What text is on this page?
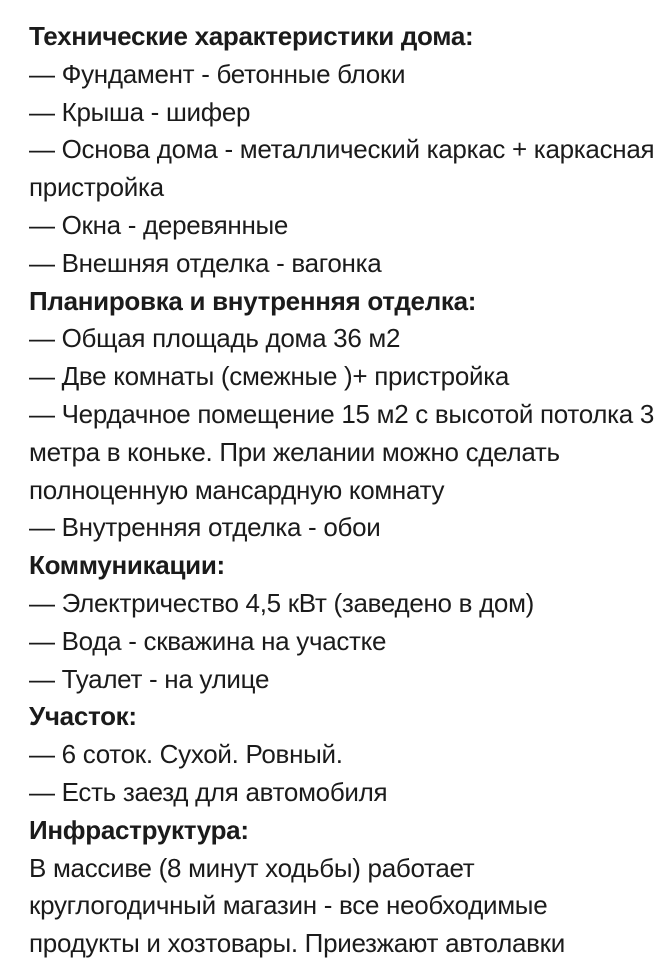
Технические характеристики дома:

— Фундамент - бетонные блоки
— Крыша - шифер
— Основа дома - металлический каркас + каркасная пристройка
— Окна - деревянные
— Внешняя отделка - вагонка

Планировка и внутренняя отделка:

— Общая площадь дома 36 м2
— Две комнаты (смежные )+ пристройка
— Чердачное помещение 15 м2 с высотой потолка 3 метра в коньке. При желании можно сделать полноценную мансардную комнату
— Внутренняя отделка - обои

Коммуникации:

— Электричество 4,5 кВт (заведено в дом)
— Вода - скважина на участке
— Туалет - на улице

Участок:

— 6 соток. Сухой. Ровный.
— Есть заезд для автомобиля

Инфраструктура:

В массиве (8 минут ходьбы) работает круглогодичный магазин - все необходимые продукты и хозтовары. Приезжают автолавки
